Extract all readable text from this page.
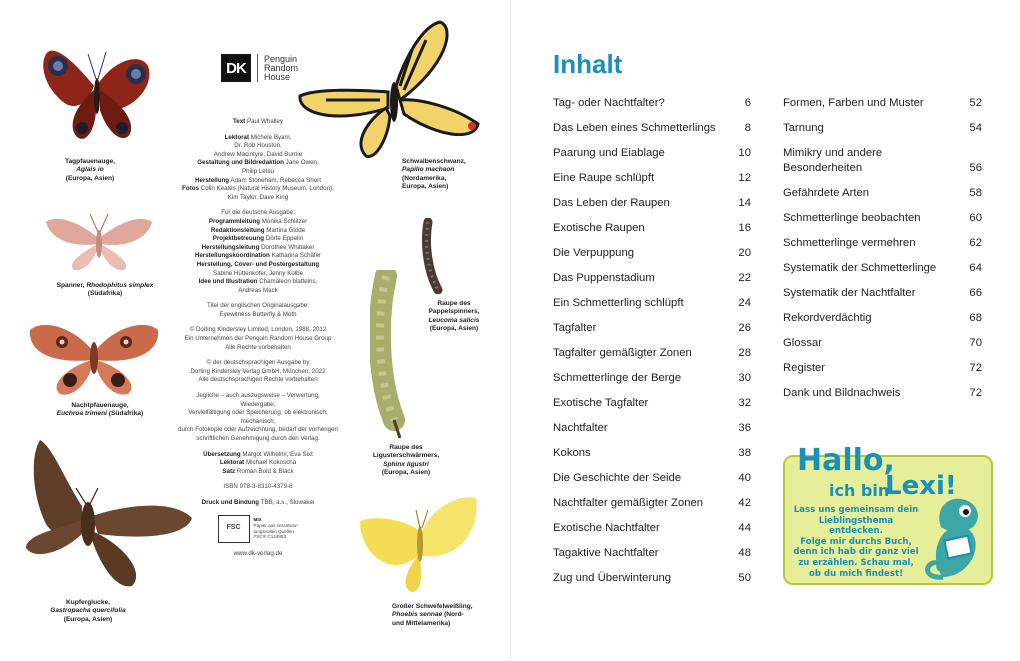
DK
Penguin
Random
House

Text Paul Whalley

Lektorat Michele Byam,
Dr. Rob Houston,
Andrew Macintyre, David Burnie
Gestaltung und Bildredaktion Jane Owen,
Philip Letsu
Herstellung Adam Stoneham, Rebecca Short
Fotos Colin Keates (Natural History Museum, London),
Kim Taylor, Dave King

Für die deutsche Ausgabe:
Programmleitung Monika Schlitzer
Redaktionsleitung Martina Glöde
Projektbetreuung Dörte Eppelin
Herstellungsleitung Dorothee Whittaker
Herstellungskoordination Katharina Schäfer
Herstellung, Cover- und Postergestaltung
Sabine Hüttenkofer, Jenny Kolbe
Idee und Illustration Chamäleon blatteins,
Andreas Mack

Titel der englischen Originalausgabe:
Eyewitness Butterfly & Moth

© Dorling Kindersley Limited, London, 1988, 2012
Ein Unternehmen der Penguin Random House Group
Alle Rechte vorbehalten

© der deutschsprachigen Ausgabe by
Dorling Kindersley Verlag GmbH, München, 2022
Alle deutschsprachigen Rechte vorbehalten

Jegliche – auch auszugsweise – Verwertung, Wiedergabe,
Vervielfältigung oder Speicherung, ob elektronisch, mechanisch,
durch Fotokopie oder Aufzeichnung, bedarf der vorherigen
schriftlichen Genehmigung durch den Verlag.

Übersetzung Margot Wilhelmi, Eva Sixt
Lektorat Michael Kokoscha
Satz Roman Bold & Black

ISBN 978-3-8310-4379-8

Druck und Bindung TBB, a.s., Slowakei

FSC
MIX
Papier aus verantwor-
tungsvollen Quellen
FSC® C144853

www.dk-verlag.de

Tagpfauenauge,
Aglais io
(Europa, Asien)
Spanner, Rhodophitus simplex
(Südafrika)
Nachtpfauenauge,
Euchroa trimeni (Südafrika)
Kupferglucke,
Gastropacha quercifolia
(Europa, Asien)
Schwalbenschwanz,
Papilio machaon
(Nordamerika,
Europa, Asien)
Raupe des
Pappelspinners,
Leucoma salicis
(Europa, Asien)
Raupe des
Ligusterschwärmers,
Sphinx ligustri
(Europa, Asien)
Großer Schwefelweißling,
Phoebis sennae (Nord-
und Mittelamerika)
Inhalt
Tag- oder Nachtfalter?	6
Das Leben eines Schmetterlings	8
Paarung und Eiablage	10
Eine Raupe schlüpft	12
Das Leben der Raupen	14
Exotische Raupen	16
Die Verpuppung	20
Das Puppenstadium	22
Ein Schmetterling schlüpft	24
Tagfalter	26
Tagfalter gemäßigter Zonen	28
Schmetterlinge der Berge	30
Exotische Tagfalter	32
Nachtfalter	36
Kokons	38
Die Geschichte der Seide	40
Nachtfalter gemäßigter Zonen	42
Exotische Nachtfalter	44
Tagaktive Nachtfalter	48
Zug und Überwinterung	50
Formen, Farben und Muster	52
Tarnung	54
Mimikry und andere
Besonderheiten	56
Gefährdete Arten	58
Schmetterlinge beobachten	60
Schmetterlinge vermehren	62
Systematik der Schmetterlinge	64
Systematik der Nachtfalter	66
Rekordverdächtig	68
Glossar	70
Register	72
Dank und Bildnachweis	72
Hallo,
ich bin
Lexi!
Lass uns gemeinsam dein
Lieblingsthema entdecken.
Folge mir durchs Buch,
denn ich hab dir ganz viel
zu erzählen. Schau mal,
ob du mich findest!
